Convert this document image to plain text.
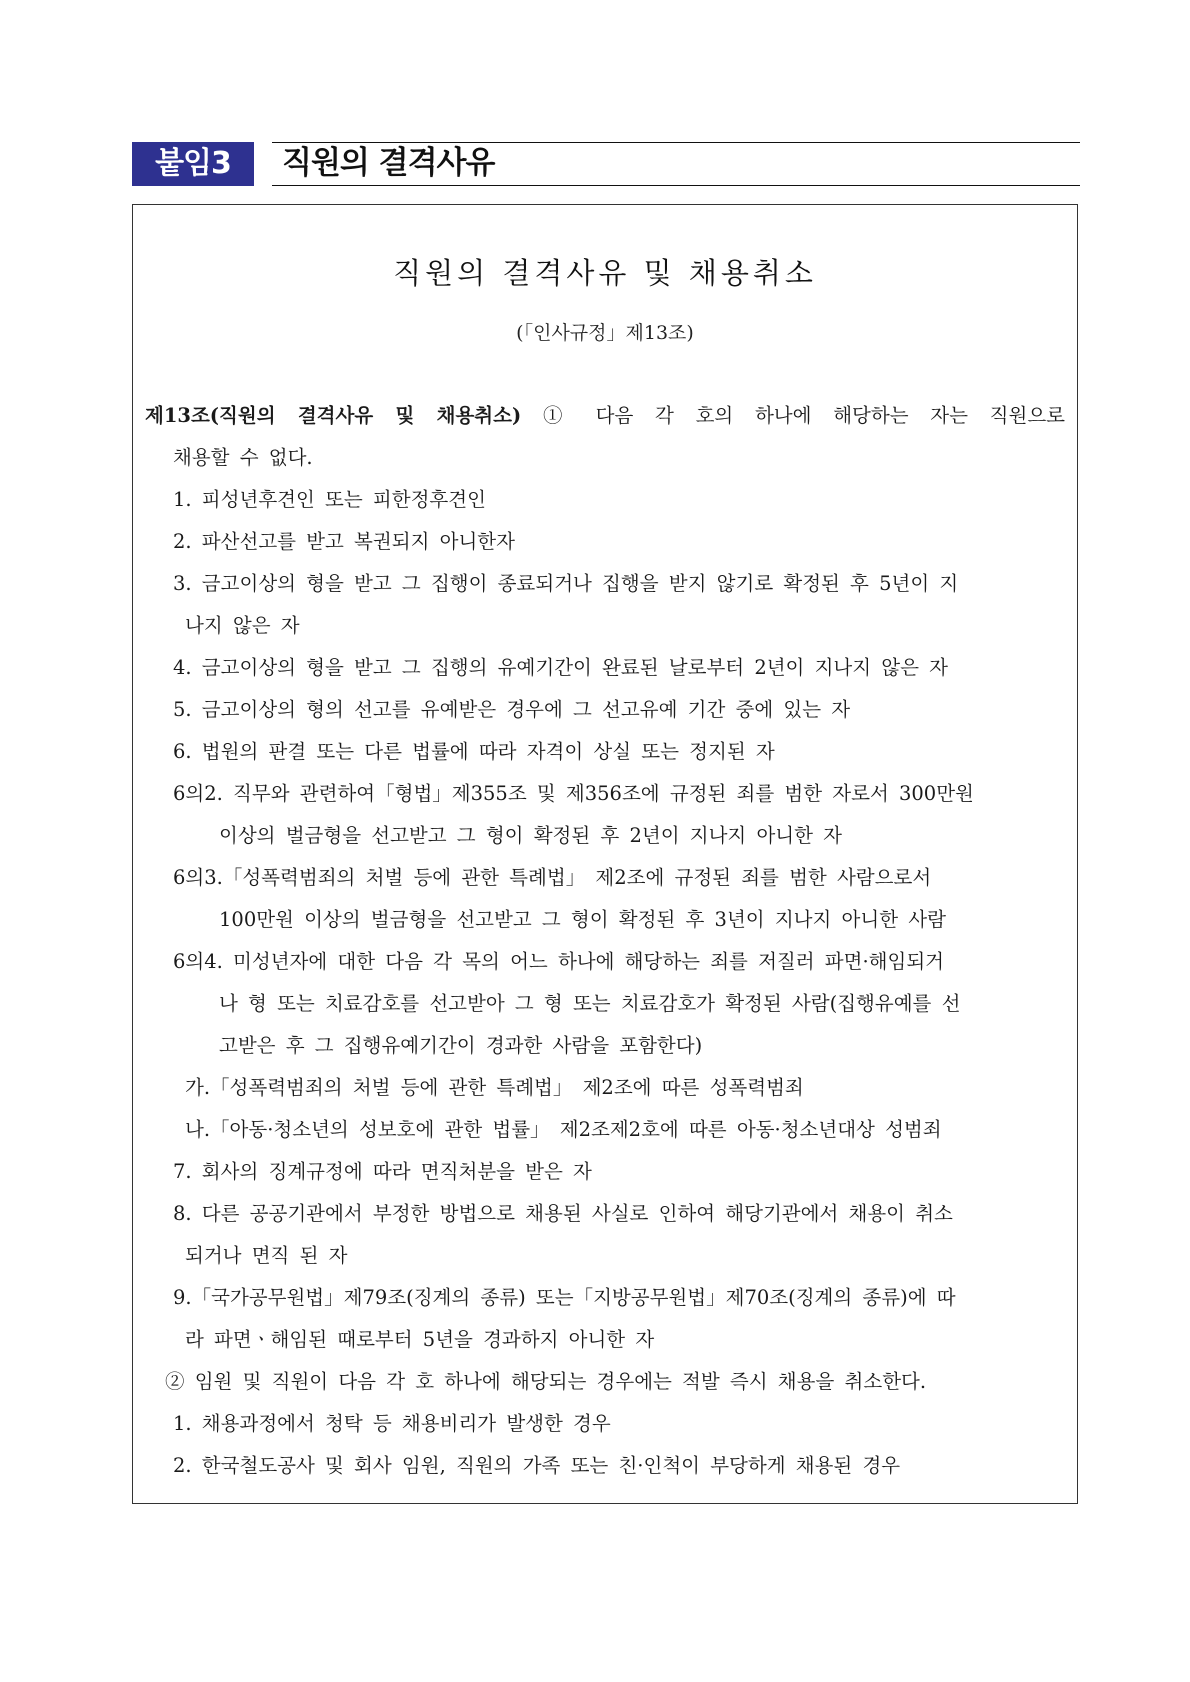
붙임3	직원의 결격사유
직원의 결격사유 및 채용취소
(「인사규정」제13조)
제13조(직원의 결격사유 및 채용취소) ① 다음 각 호의 하나에 해당하는 자는 직원으로
채용할 수 없다.
1. 피성년후견인 또는 피한정후견인
2. 파산선고를 받고 복권되지 아니한자
3. 금고이상의 형을 받고 그 집행이 종료되거나 집행을 받지 않기로 확정된 후 5년이 지
나지 않은 자
4. 금고이상의 형을 받고 그 집행의 유예기간이 완료된 날로부터 2년이 지나지 않은 자
5. 금고이상의 형의 선고를 유예받은 경우에 그 선고유예 기간 중에 있는 자
6. 법원의 판결 또는 다른 법률에 따라 자격이 상실 또는 정지된 자
6의2. 직무와 관련하여「형법」제355조 및 제356조에 규정된 죄를 범한 자로서 300만원
이상의 벌금형을 선고받고 그 형이 확정된 후 2년이 지나지 아니한 자
6의3.「성폭력범죄의 처벌 등에 관한 특례법」 제2조에 규정된 죄를 범한 사람으로서
100만원 이상의 벌금형을 선고받고 그 형이 확정된 후 3년이 지나지 아니한 사람
6의4. 미성년자에 대한 다음 각 목의 어느 하나에 해당하는 죄를 저질러 파면·해임되거
나 형 또는 치료감호를 선고받아 그 형 또는 치료감호가 확정된 사람(집행유예를 선
고받은 후 그 집행유예기간이 경과한 사람을 포함한다)
가.「성폭력범죄의 처벌 등에 관한 특례법」 제2조에 따른 성폭력범죄
나.「아동·청소년의 성보호에 관한 법률」 제2조제2호에 따른 아동·청소년대상 성범죄
7. 회사의 징계규정에 따라 면직처분을 받은 자
8. 다른 공공기관에서 부정한 방법으로 채용된 사실로 인하여 해당기관에서 채용이 취소
되거나 면직 된 자
9.「국가공무원법」제79조(징계의 종류) 또는「지방공무원법」제70조(징계의 종류)에 따
라 파면ㆍ해임된 때로부터 5년을 경과하지 아니한 자
② 임원 및 직원이 다음 각 호 하나에 해당되는 경우에는 적발 즉시 채용을 취소한다.
1. 채용과정에서 청탁 등 채용비리가 발생한 경우
2. 한국철도공사 및 회사 임원, 직원의 가족 또는 친·인척이 부당하게 채용된 경우
